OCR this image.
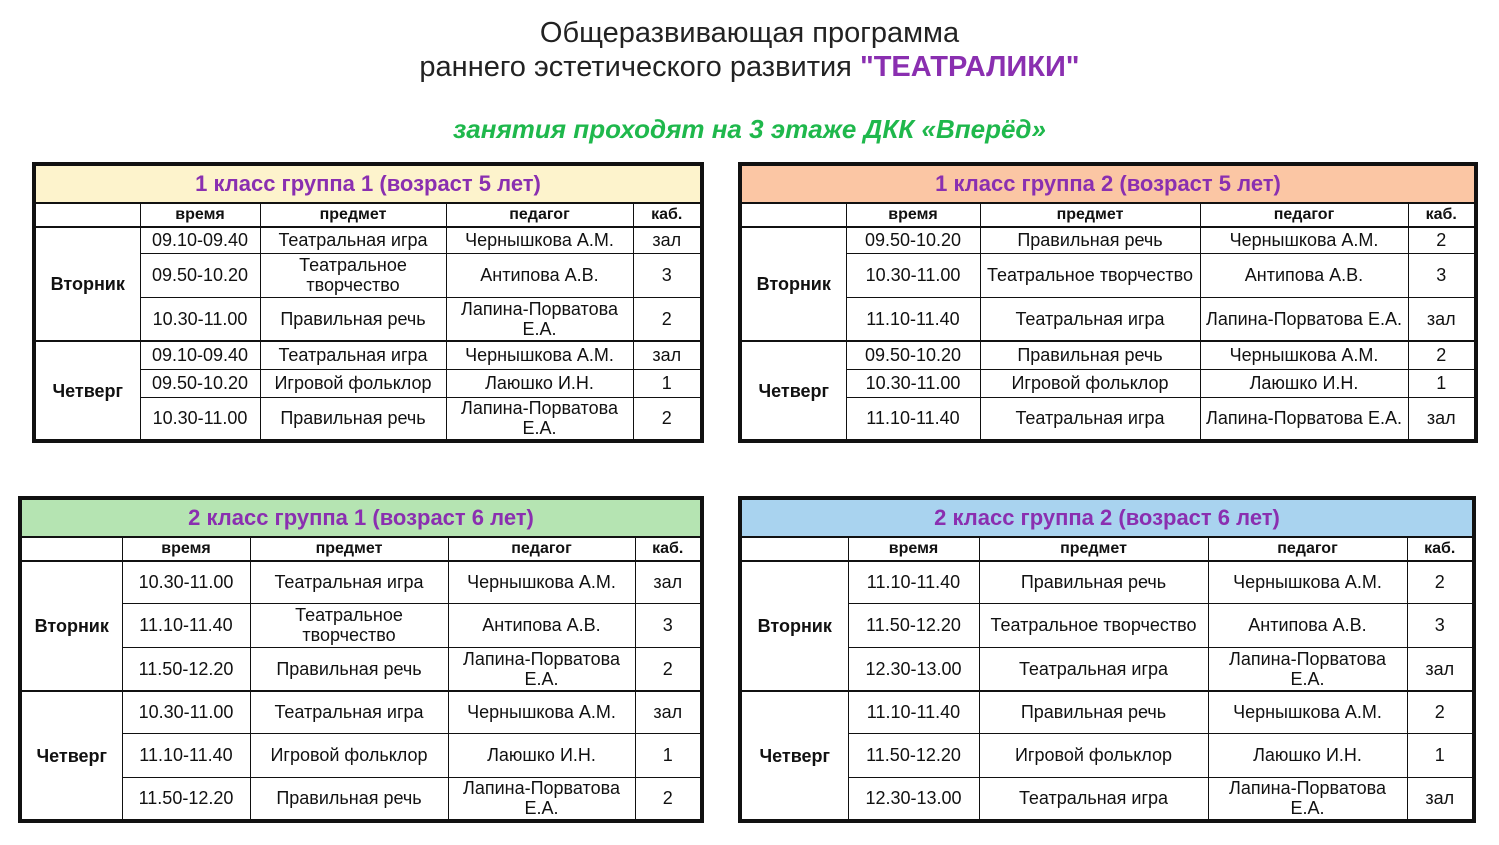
Общеразвивающая программа
раннего эстетического развития "ТЕАТРАЛИКИ"
занятия проходят на 3 этаже ДКК «Вперёд»
1 класс группа 1 (возраст 5 лет)				
	время	предмет	педагог	каб.
Вторник	09.10-09.40	Театральная игра	Чернышкова А.М.	зал
	09.50-10.20	Театральное творчество	Антипова А.В.	3
	10.30-11.00	Правильная речь	Лапина-Порватова Е.А.	2
Четверг	09.10-09.40	Театральная игра	Чернышкова А.М.	зал
	09.50-10.20	Игровой фольклор	Лаюшко И.Н.	1
	10.30-11.00	Правильная речь	Лапина-Порватова Е.А.	2
1 класс группа 2 (возраст 5 лет)				
	время	предмет	педагог	каб.
Вторник	09.50-10.20	Правильная речь	Чернышкова А.М.	2
	10.30-11.00	Театральное творчество	Антипова А.В.	3
	11.10-11.40	Театральная игра	Лапина-Порватова Е.А.	зал
Четверг	09.50-10.20	Правильная речь	Чернышкова А.М.	2
	10.30-11.00	Игровой фольклор	Лаюшко И.Н.	1
	11.10-11.40	Театральная игра	Лапина-Порватова Е.А.	зал
2 класс группа 1 (возраст 6 лет)				
	время	предмет	педагог	каб.
Вторник	10.30-11.00	Театральная игра	Чернышкова А.М.	зал
	11.10-11.40	Театральное творчество	Антипова А.В.	3
	11.50-12.20	Правильная речь	Лапина-Порватова Е.А.	2
Четверг	10.30-11.00	Театральная игра	Чернышкова А.М.	зал
	11.10-11.40	Игровой фольклор	Лаюшко И.Н.	1
	11.50-12.20	Правильная речь	Лапина-Порватова Е.А.	2
2 класс группа 2 (возраст 6 лет)				
	время	предмет	педагог	каб.
Вторник	11.10-11.40	Правильная речь	Чернышкова А.М.	2
	11.50-12.20	Театральное творчество	Антипова А.В.	3
	12.30-13.00	Театральная игра	Лапина-Порватова Е.А.	зал
Четверг	11.10-11.40	Правильная речь	Чернышкова А.М.	2
	11.50-12.20	Игровой фольклор	Лаюшко И.Н.	1
	12.30-13.00	Театральная игра	Лапина-Порватова Е.А.	зал
